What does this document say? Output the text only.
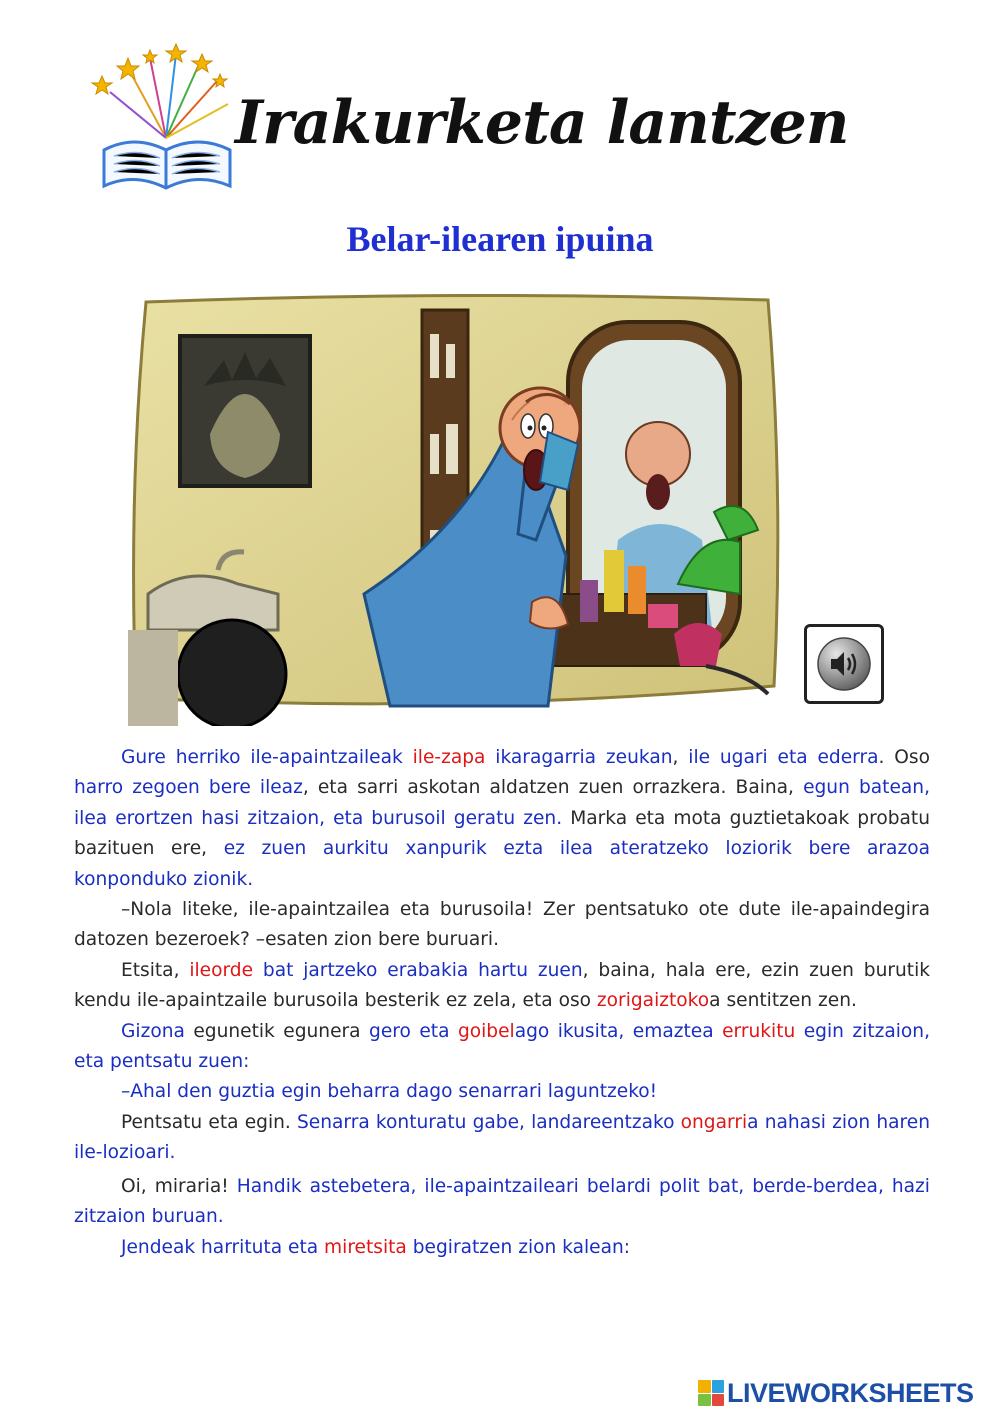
Irakurketa lantzen
Belar-ilearen ipuina

Gure herriko ile-apaintzaileak ile-zapa ikaragarria zeukan, ile ugari eta ederra. Oso harro zegoen bere ileaz, eta sarri askotan aldatzen zuen orrazkera. Baina, egun batean, ilea erortzen hasi zitzaion, eta burusoil geratu zen. Marka eta mota guztietakoak probatu bazituen ere, ez zuen aurkitu xanpurik ezta ilea ateratzeko loziorik bere arazoa konponduko zionik.

–Nola liteke, ile-apaintzailea eta burusoila! Zer pentsatuko ote dute ile-apaindegira datozen bezeroek? –esaten zion bere buruari.

Etsita, ileorde bat jartzeko erabakia hartu zuen, baina, hala ere, ezin zuen burutik kendu ile-apaintzaile burusoila besterik ez zela, eta oso zorigaiztokoa sentitzen zen.

Gizona egunetik egunera gero eta goibelago ikusita, emaztea errukitu egin zitzaion, eta pentsatu zuen:

–Ahal den guztia egin beharra dago senarrari laguntzeko!

Pentsatu eta egin. Senarra konturatu gabe, landareentzako ongarria nahasi zion haren ile-lozioari.

Oi, miraria! Handik astebetera, ile-apaintzaileari belardi polit bat, berde-berdea, hazi zitzaion buruan.

Jendeak harrituta eta miretsita begiratzen zion kalean:

LIVEWORKSHEETS
